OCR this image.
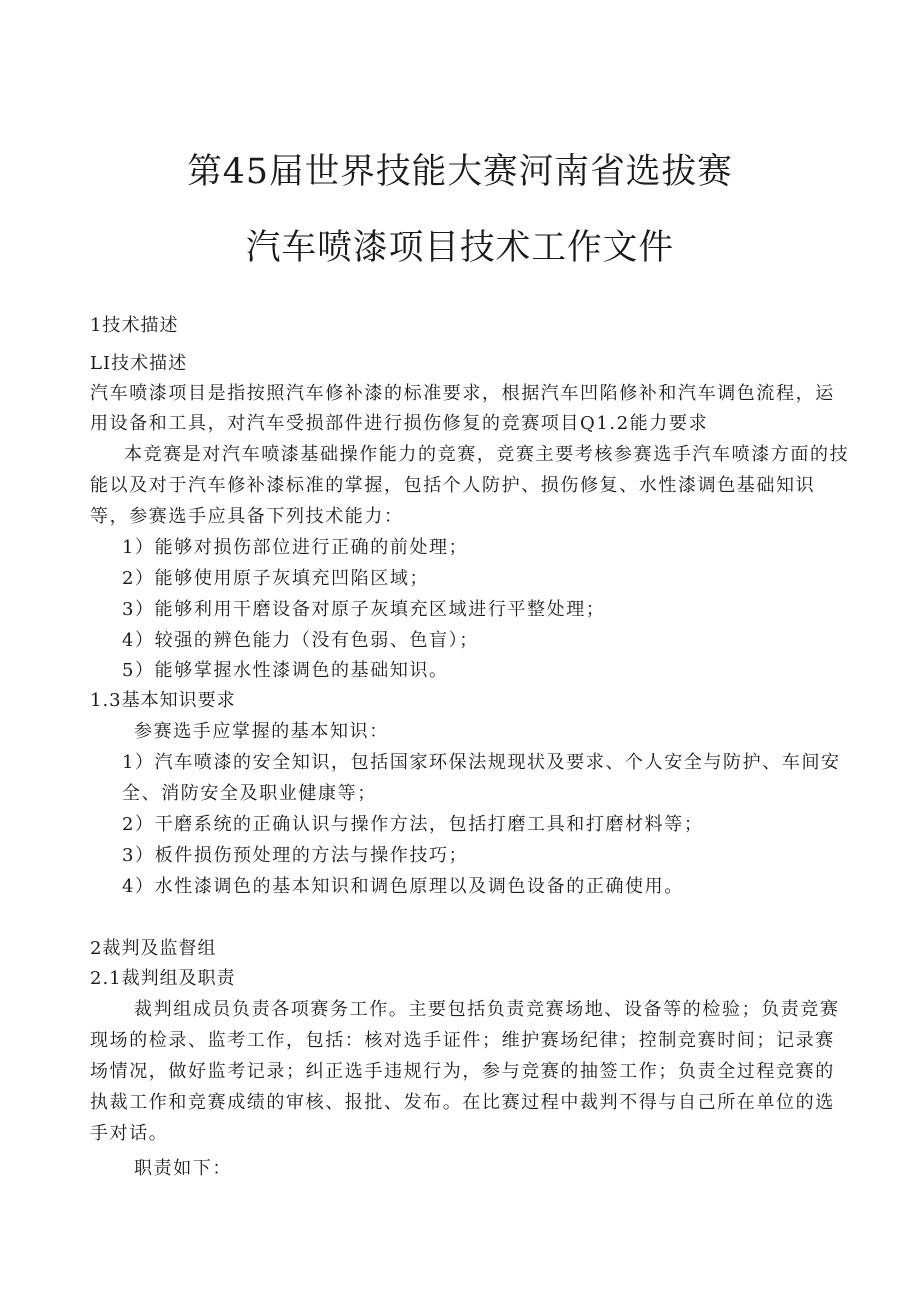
第45届世界技能大赛河南省选拔赛
汽车喷漆项目技术工作文件
1技术描述
LI技术描述
汽车喷漆项目是指按照汽车修补漆的标准要求，根据汽车凹陷修补和汽车调色流程，运
用设备和工具，对汽车受损部件进行损伤修复的竞赛项目Q1.2能力要求
本竞赛是对汽车喷漆基础操作能力的竞赛，竞赛主要考核参赛选手汽车喷漆方面的技
能以及对于汽车修补漆标准的掌握，包括个人防护、损伤修复、水性漆调色基础知识
等，参赛选手应具备下列技术能力：
1）能够对损伤部位进行正确的前处理；
2）能够使用原子灰填充凹陷区域；
3）能够利用干磨设备对原子灰填充区域进行平整处理；
4）较强的辨色能力（没有色弱、色盲）；
5）能够掌握水性漆调色的基础知识。
1.3基本知识要求
参赛选手应掌握的基本知识：
1）汽车喷漆的安全知识，包括国家环保法规现状及要求、个人安全与防护、车间安
全、消防安全及职业健康等；
2）干磨系统的正确认识与操作方法，包括打磨工具和打磨材料等；
3）板件损伤预处理的方法与操作技巧；
4）水性漆调色的基本知识和调色原理以及调色设备的正确使用。
2裁判及监督组
2.1裁判组及职责
裁判组成员负责各项赛务工作。主要包括负责竞赛场地、设备等的检验；负责竞赛
现场的检录、监考工作，包括：核对选手证件；维护赛场纪律；控制竞赛时间；记录赛
场情况，做好监考记录；纠正选手违规行为，参与竞赛的抽签工作；负责全过程竞赛的
执裁工作和竞赛成绩的审核、报批、发布。在比赛过程中裁判不得与自己所在单位的选
手对话。
职责如下：
